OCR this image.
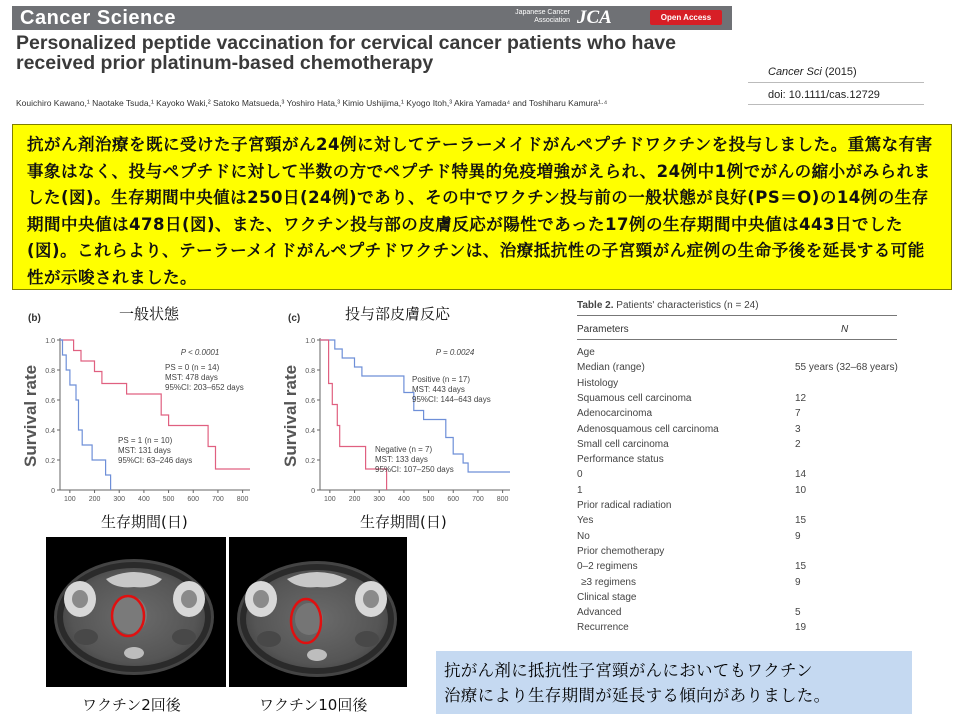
Cancer Science	Japanese Cancer Association JCA	Open Access
Personalized peptide vaccination for cervical cancer patients who have received prior platinum-based chemotherapy
Kouichiro Kawano,¹ Naotake Tsuda,¹ Kayoko Waki,² Satoko Matsueda,³ Yoshiro Hata,³ Kimio Ushijima,¹ Kyogo Itoh,³ Akira Yamada⁴ and Toshiharu Kamura¹·⁴
Cancer Sci (2015)
doi: 10.1111/cas.12729
抗がん剤治療を既に受けた子宮頸がん24例に対してテーラーメイドがんペプチドワクチンを投与しました。重篤な有害事象はなく、投与ペプチドに対して半数の方でペプチド特異的免疫増強がえられ、24例中1例でがんの縮小がみられました(図)。生存期間中央値は250日(24例)であり、その中でワクチン投与前の一般状態が良好(PS＝O)の14例の生存期間中央値は478日(図)、また、ワクチン投与部の皮膚反応が陽性であった17例の生存期間中央値は443日でした(図)。これらより、テーラーメイドがんペプチドワクチンは、治療抵抗性の子宮頸がん症例の生命予後を延長する可能性が示唆されました。
一般状態	投与部皮膚反応
生存期間(日)	生存期間(日)
(b)
Survival rate
0
0.2
0.4
0.6
0.8
1.0
100 200 300 400 500 600 700 800
P < 0.0001
PS = 0 (n = 14)
MST: 478 days
95%CI: 203–652 days
PS = 1 (n = 10)
MST: 131 days
95%CI: 63–246 days
(c)
Survival rate
0
0.2
0.4
0.6
0.8
1.0
100 200 300 400 500 600 700 800
P = 0.0024
Positive (n = 17)
MST: 443 days
95%CI: 144–643 days
Negative (n = 7)
MST: 133 days
95%CI: 107–250 days
ワクチン2回後	ワクチン10回後
Table 2. Patients' characteristics (n = 24)
Parameters	N
Age
Median (range)	55 years (32–68 years)
Histology
Squamous cell carcinoma	12
Adenocarcinoma	7
Adenosquamous cell carcinoma	3
Small cell carcinoma	2
Performance status
0	14
1	10
Prior radical radiation
Yes	15
No	9
Prior chemotherapy
0–2 regimens	15
≥3 regimens	9
Clinical stage
Advanced	5
Recurrence	19
抗がん剤に抵抗性子宮頸がんにおいてもワクチン
治療により生存期間が延長する傾向がありました。
